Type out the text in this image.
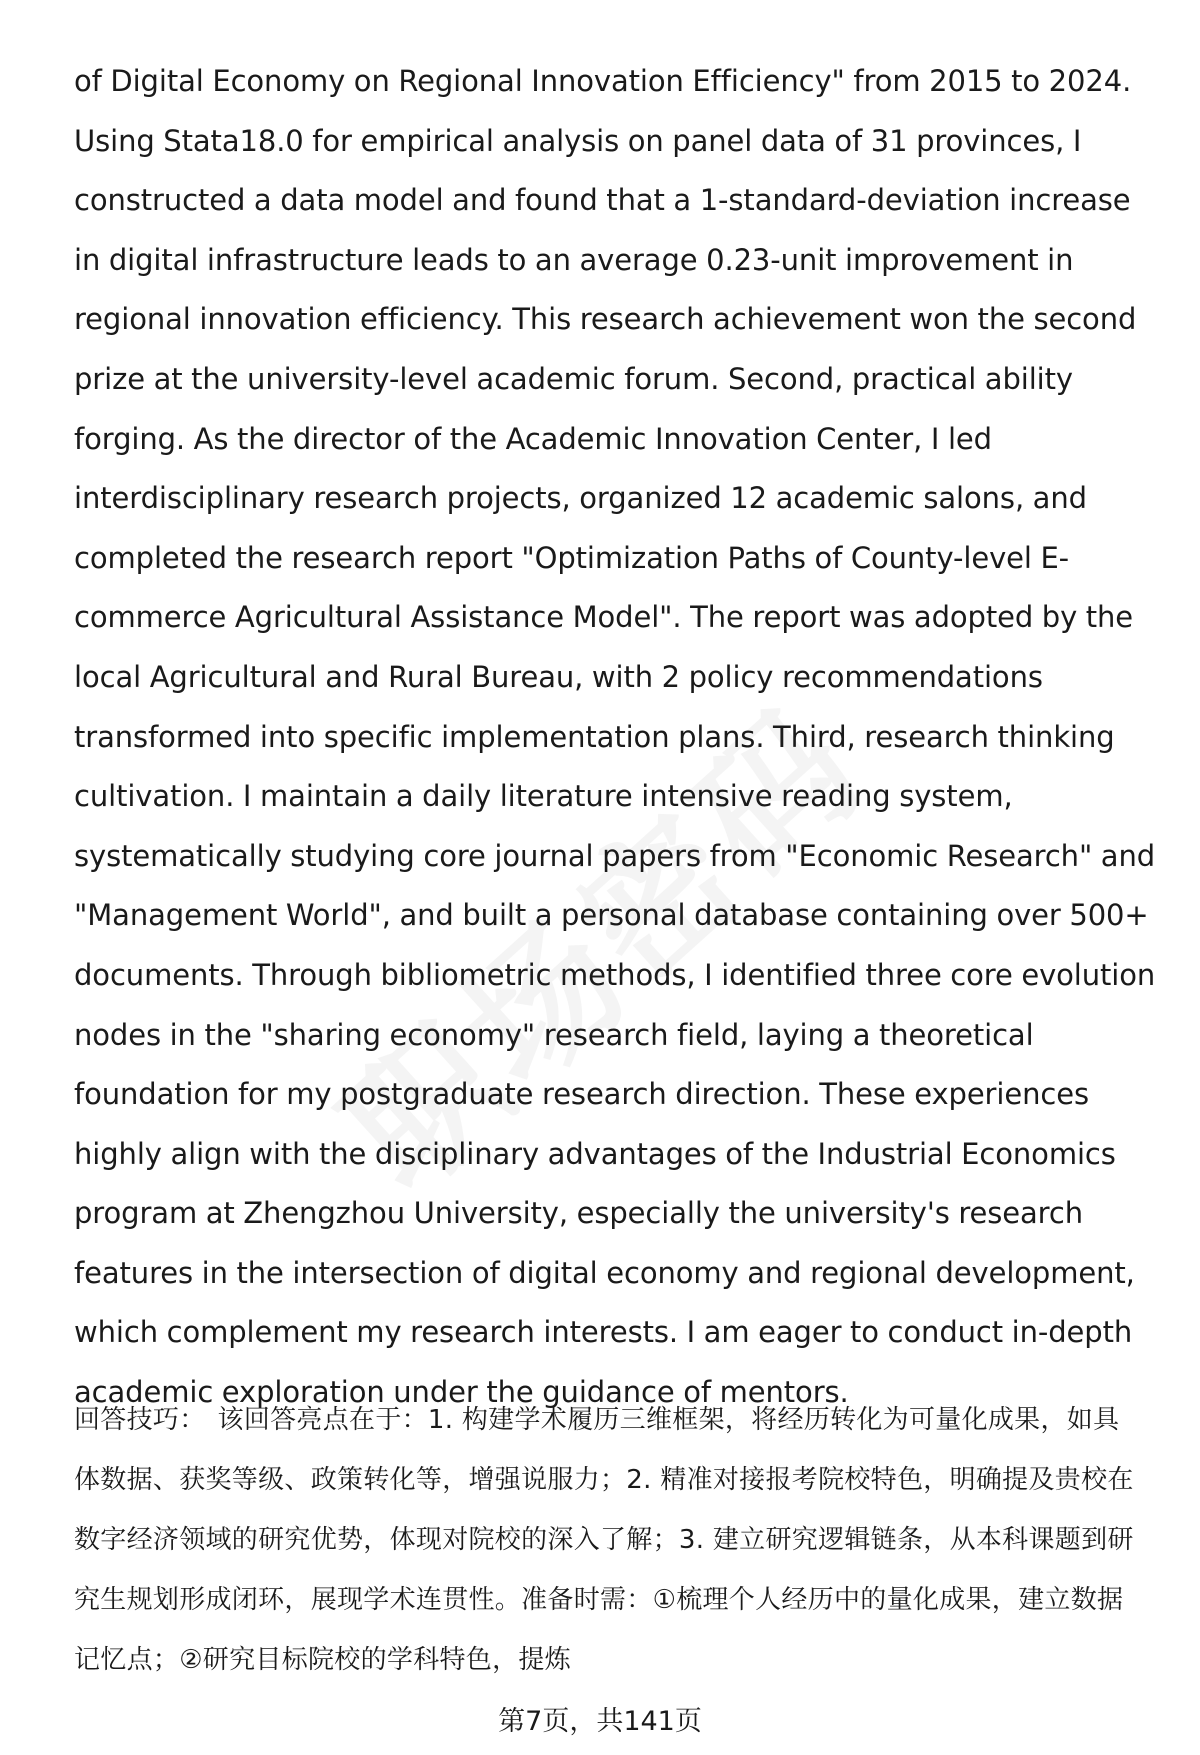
of Digital Economy on Regional Innovation Efficiency" from 2015 to 2024. Using Stata18.0 for empirical analysis on panel data of 31 provinces, I constructed a data model and found that a 1-standard-deviation increase in digital infrastructure leads to an average 0.23-unit improvement in regional innovation efficiency. This research achievement won the second prize at the university-level academic forum. Second, practical ability forging. As the director of the Academic Innovation Center, I led interdisciplinary research projects, organized 12 academic salons, and completed the research report "Optimization Paths of County-level E-commerce Agricultural Assistance Model". The report was adopted by the local Agricultural and Rural Bureau, with 2 policy recommendations transformed into specific implementation plans. Third, research thinking cultivation. I maintain a daily literature intensive reading system, systematically studying core journal papers from "Economic Research" and "Management World", and built a personal database containing over 500+ documents. Through bibliometric methods, I identified three core evolution nodes in the "sharing economy" research field, laying a theoretical foundation for my postgraduate research direction. These experiences highly align with the disciplinary advantages of the Industrial Economics program at Zhengzhou University, especially the university's research features in the intersection of digital economy and regional development, which complement my research interests. I am eager to conduct in-depth academic exploration under the guidance of mentors.

回答技巧： 该回答亮点在于：1. 构建学术履历三维框架，将经历转化为可量化成果，如具体数据、获奖等级、政策转化等，增强说服力；2. 精准对接报考院校特色，明确提及贵校在数字经济领域的研究优势，体现对院校的深入了解；3. 建立研究逻辑链条，从本科课题到研究生规划形成闭环，展现学术连贯性。准备时需：①梳理个人经历中的量化成果，建立数据记忆点；②研究目标院校的学科特色，提炼

第7页，共141页
